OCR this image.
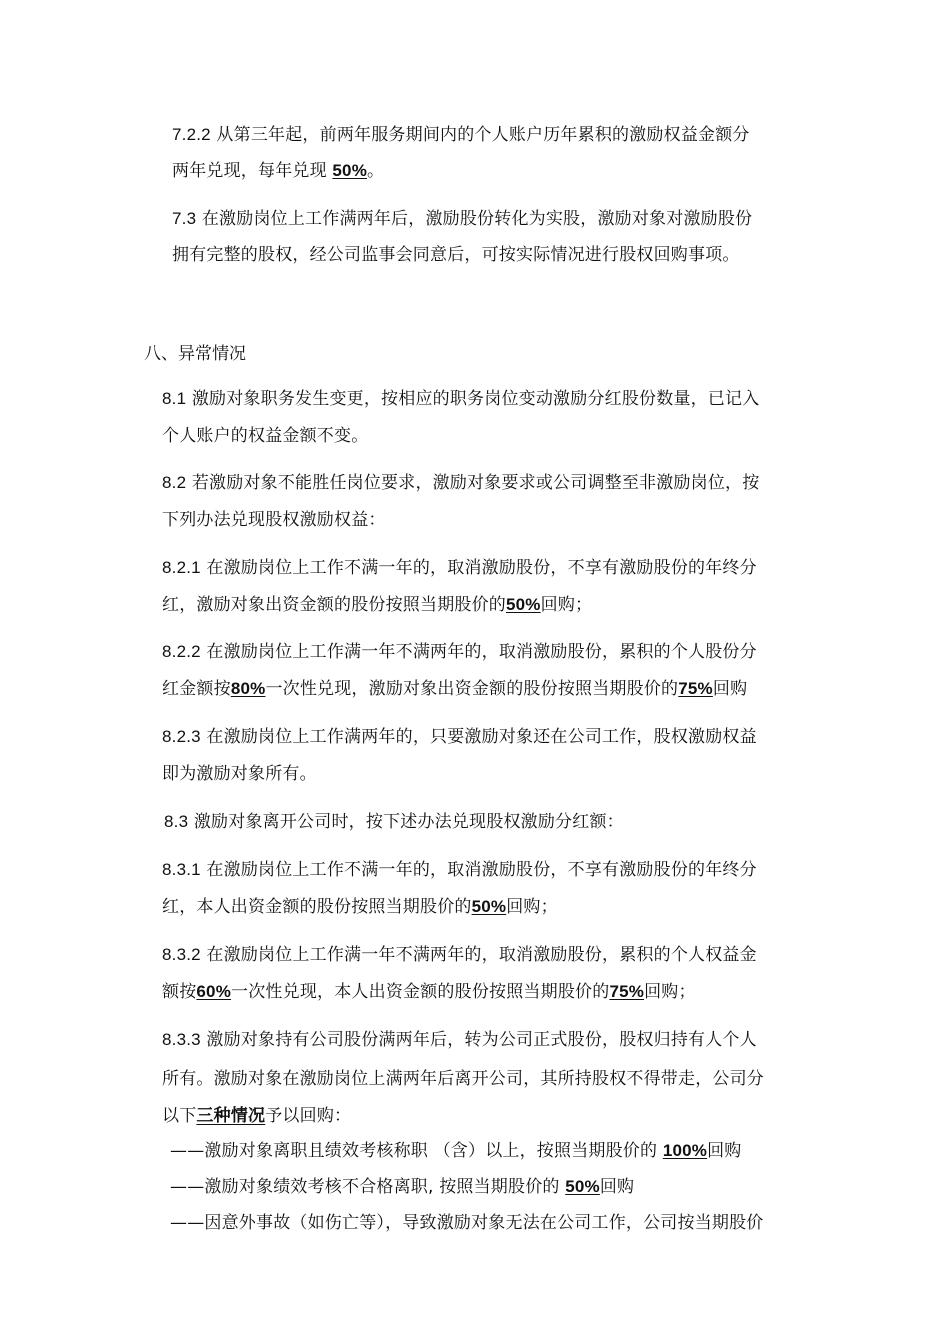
7.2.2 从第三年起，前两年服务期间内的个人账户历年累积的激励权益金额分
两年兑现，每年兑现 50%。
7.3 在激励岗位上工作满两年后，激励股份转化为实股，激励对象对激励股份
拥有完整的股权，经公司监事会同意后，可按实际情况进行股权回购事项。
八、异常情况
8.1 激励对象职务发生变更，按相应的职务岗位变动激励分红股份数量，已记入
个人账户的权益金额不变。
8.2 若激励对象不能胜任岗位要求，激励对象要求或公司调整至非激励岗位，按
下列办法兑现股权激励权益：
8.2.1 在激励岗位上工作不满一年的，取消激励股份，不享有激励股份的年终分
红，激励对象出资金额的股份按照当期股价的50%回购；
8.2.2 在激励岗位上工作满一年不满两年的，取消激励股份，累积的个人股份分
红金额按80%一次性兑现，激励对象出资金额的股份按照当期股价的75%回购
8.2.3 在激励岗位上工作满两年的，只要激励对象还在公司工作，股权激励权益
即为激励对象所有。
8.3 激励对象离开公司时，按下述办法兑现股权激励分红额：
8.3.1 在激励岗位上工作不满一年的，取消激励股份，不享有激励股份的年终分
红，本人出资金额的股份按照当期股价的50%回购；
8.3.2 在激励岗位上工作满一年不满两年的，取消激励股份，累积的个人权益金
额按60%一次性兑现，本人出资金额的股份按照当期股价的75%回购；
8.3.3 激励对象持有公司股份满两年后，转为公司正式股份，股权归持有人个人
所有。激励对象在激励岗位上满两年后离开公司，其所持股权不得带走，公司分
以下三种情况予以回购：
——激励对象离职且绩效考核称职 （含）以上，按照当期股价的 100%回购
——激励对象绩效考核不合格离职, 按照当期股价的 50%回购
——因意外事故（如伤亡等），导致激励对象无法在公司工作，公司按当期股价
